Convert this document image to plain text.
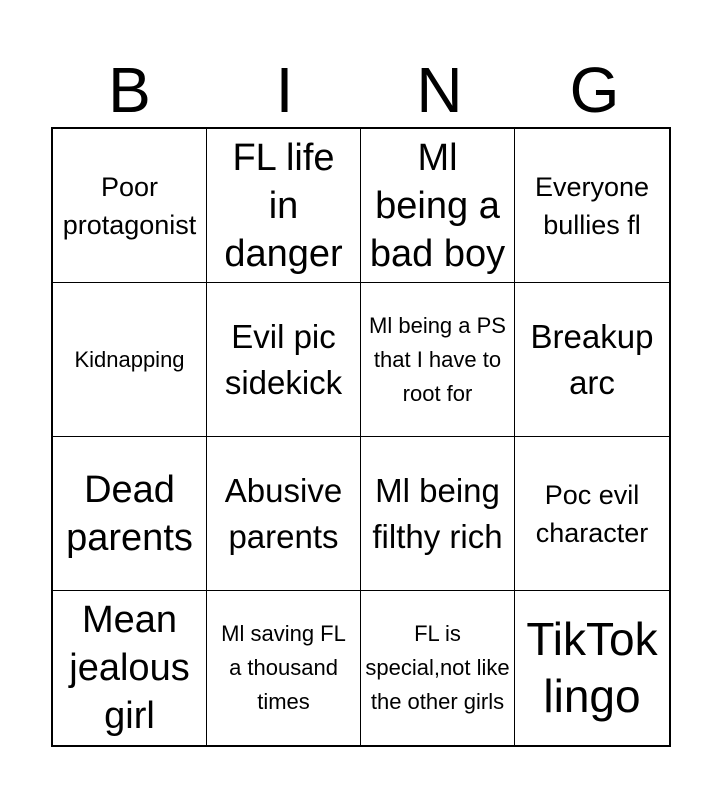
B	I	N	G
Poor protagonist
FL life in danger
Ml being a bad boy
Everyone bullies fl
Kidnapping
Evil pic sidekick
Ml being a PS that I have to root for
Breakup arc
Dead parents
Abusive parents
Ml being filthy rich
Poc evil character
Mean jealous girl
Ml saving FL a thousand times
FL is special,not like the other girls
TikTok lingo
